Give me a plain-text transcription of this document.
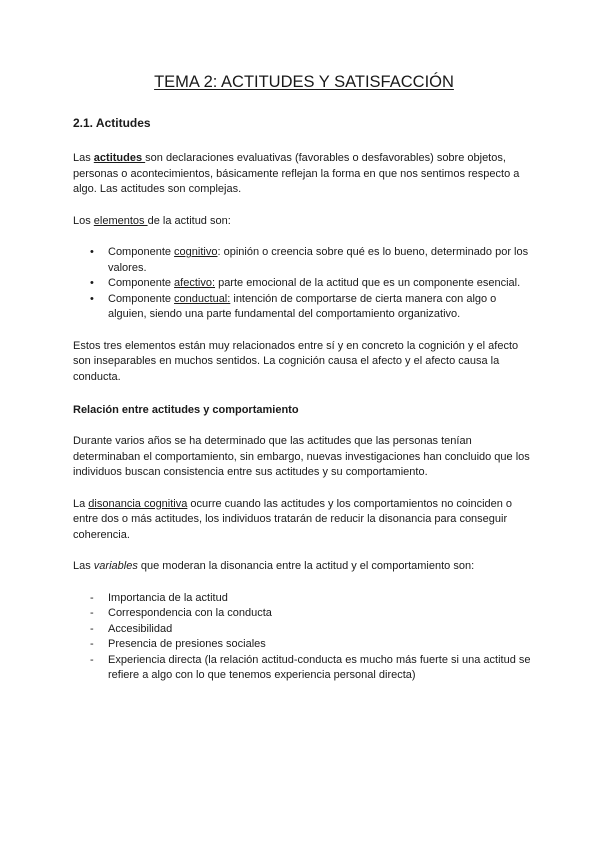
TEMA 2: ACTITUDES Y SATISFACCIÓN
2.1. Actitudes

Las actitudes son declaraciones evaluativas (favorables o desfavorables) sobre objetos, personas o acontecimientos, básicamente reflejan la forma en que nos sentimos respecto a algo. Las actitudes son complejas.

Los elementos de la actitud son:

• Componente cognitivo: opinión o creencia sobre qué es lo bueno, determinado por los valores.
• Componente afectivo: parte emocional de la actitud que es un componente esencial.
• Componente conductual: intención de comportarse de cierta manera con algo o alguien, siendo una parte fundamental del comportamiento organizativo.

Estos tres elementos están muy relacionados entre sí y en concreto la cognición y el afecto son inseparables en muchos sentidos. La cognición causa el afecto y el afecto causa la conducta.

Relación entre actitudes y comportamiento

Durante varios años se ha determinado que las actitudes que las personas tenían determinaban el comportamiento, sin embargo, nuevas investigaciones han concluido que los individuos buscan consistencia entre sus actitudes y su comportamiento.

La disonancia cognitiva ocurre cuando las actitudes y los comportamientos no coinciden o entre dos o más actitudes, los individuos tratarán de reducir la disonancia para conseguir coherencia.

Las variables que moderan la disonancia entre la actitud y el comportamiento son:

- Importancia de la actitud
- Correspondencia con la conducta
- Accesibilidad
- Presencia de presiones sociales
- Experiencia directa (la relación actitud-conducta es mucho más fuerte si una actitud se refiere a algo con lo que tenemos experiencia personal directa)
